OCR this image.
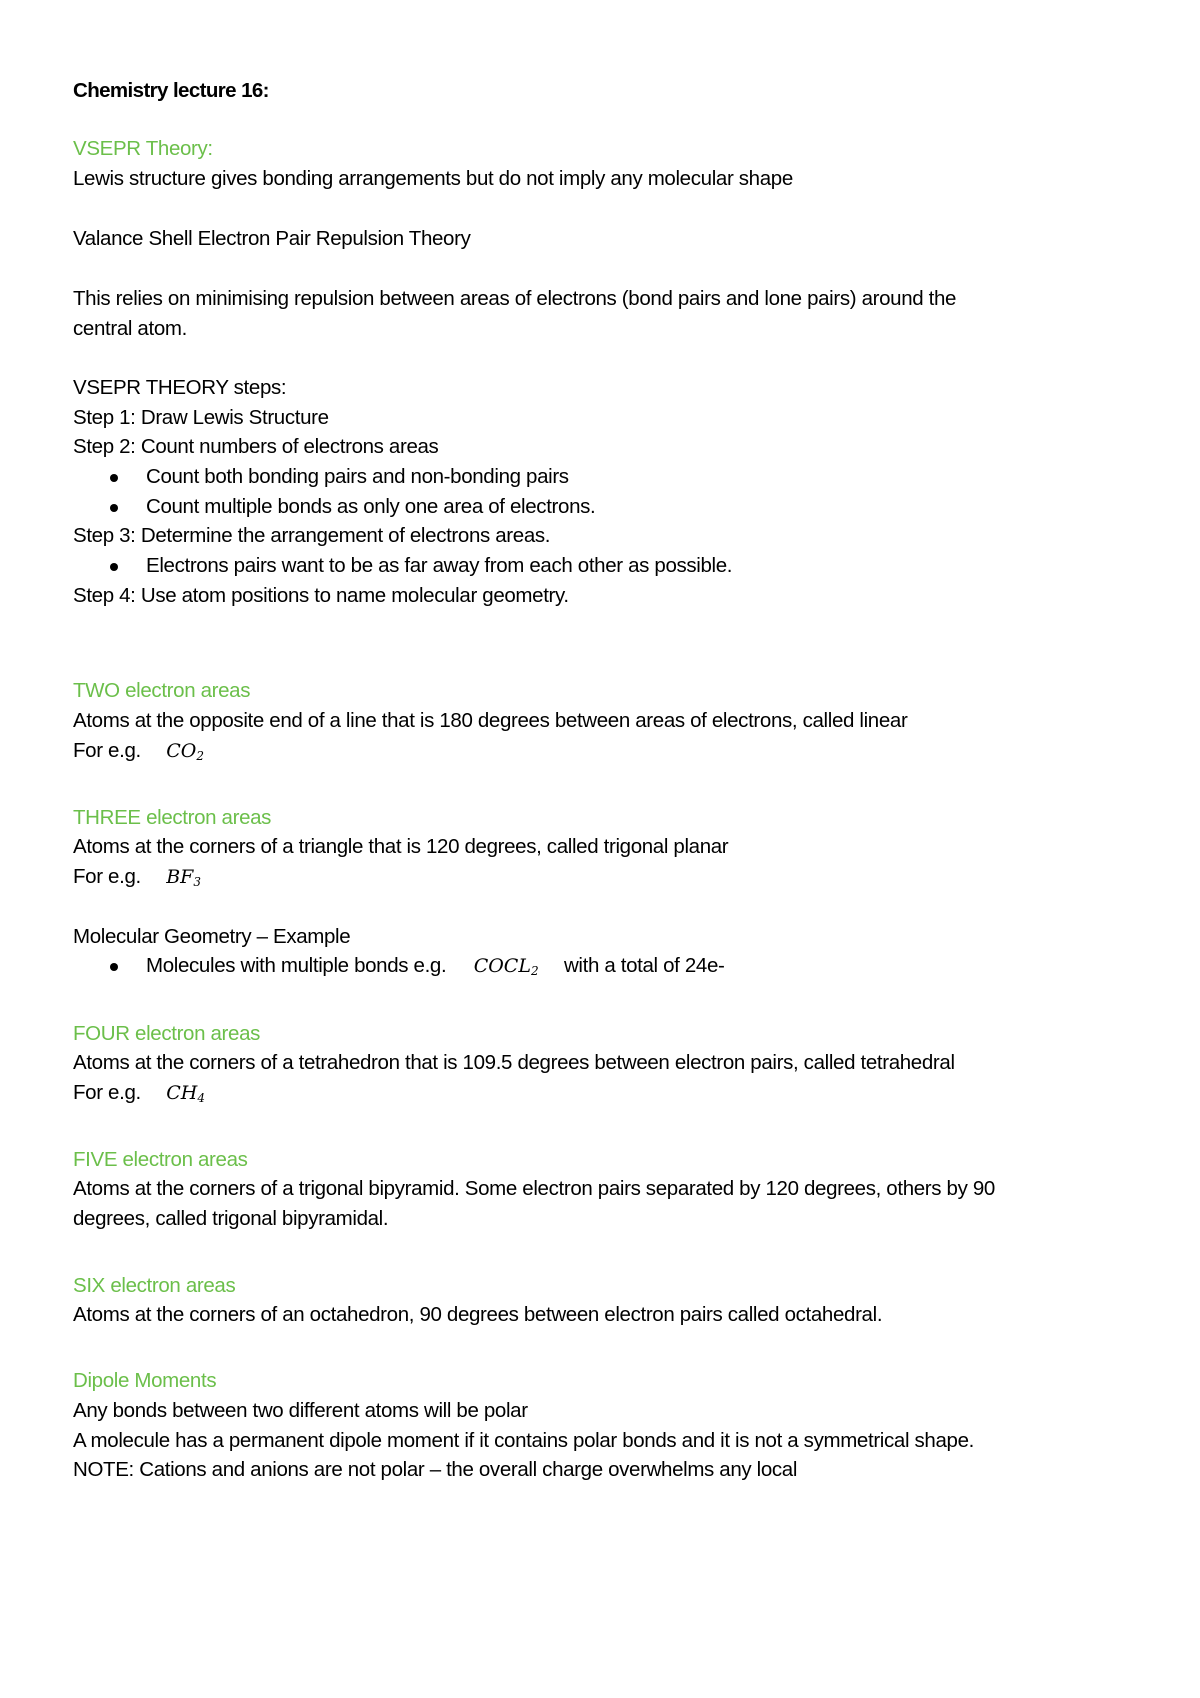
Chemistry lecture 16:

VSEPR Theory:

Lewis structure gives bonding arrangements but do not imply any molecular shape

Valance Shell Electron Pair Repulsion Theory

This relies on minimising repulsion between areas of electrons (bond pairs and lone pairs) around the

central atom.

VSEPR THEORY steps:

Step 1: Draw Lewis Structure

Step 2: Count numbers of electrons areas

Count both bonding pairs and non-bonding pairs

Count multiple bonds as only one area of electrons.

Step 3: Determine the arrangement of electrons areas.

Electrons pairs want to be as far away from each other as possible.

Step 4: Use atom positions to name molecular geometry.

TWO electron areas

Atoms at the opposite end of a line that is 180 degrees between areas of electrons, called linear

For e.g. $CO_2$

THREE electron areas

Atoms at the corners of a triangle that is 120 degrees, called trigonal planar

For e.g. $BF_3$

Molecular Geometry – Example

Molecules with multiple bonds e.g. $COCL_2$ with a total of 24e-

FOUR electron areas

Atoms at the corners of a tetrahedron that is 109.5 degrees between electron pairs, called tetrahedral

For e.g. $CH_4$

FIVE electron areas

Atoms at the corners of a trigonal bipyramid. Some electron pairs separated by 120 degrees, others by 90

degrees, called trigonal bipyramidal.

SIX electron areas

Atoms at the corners of an octahedron, 90 degrees between electron pairs called octahedral.

Dipole Moments

Any bonds between two different atoms will be polar

A molecule has a permanent dipole moment if it contains polar bonds and it is not a symmetrical shape.

NOTE: Cations and anions are not polar – the overall charge overwhelms any local
